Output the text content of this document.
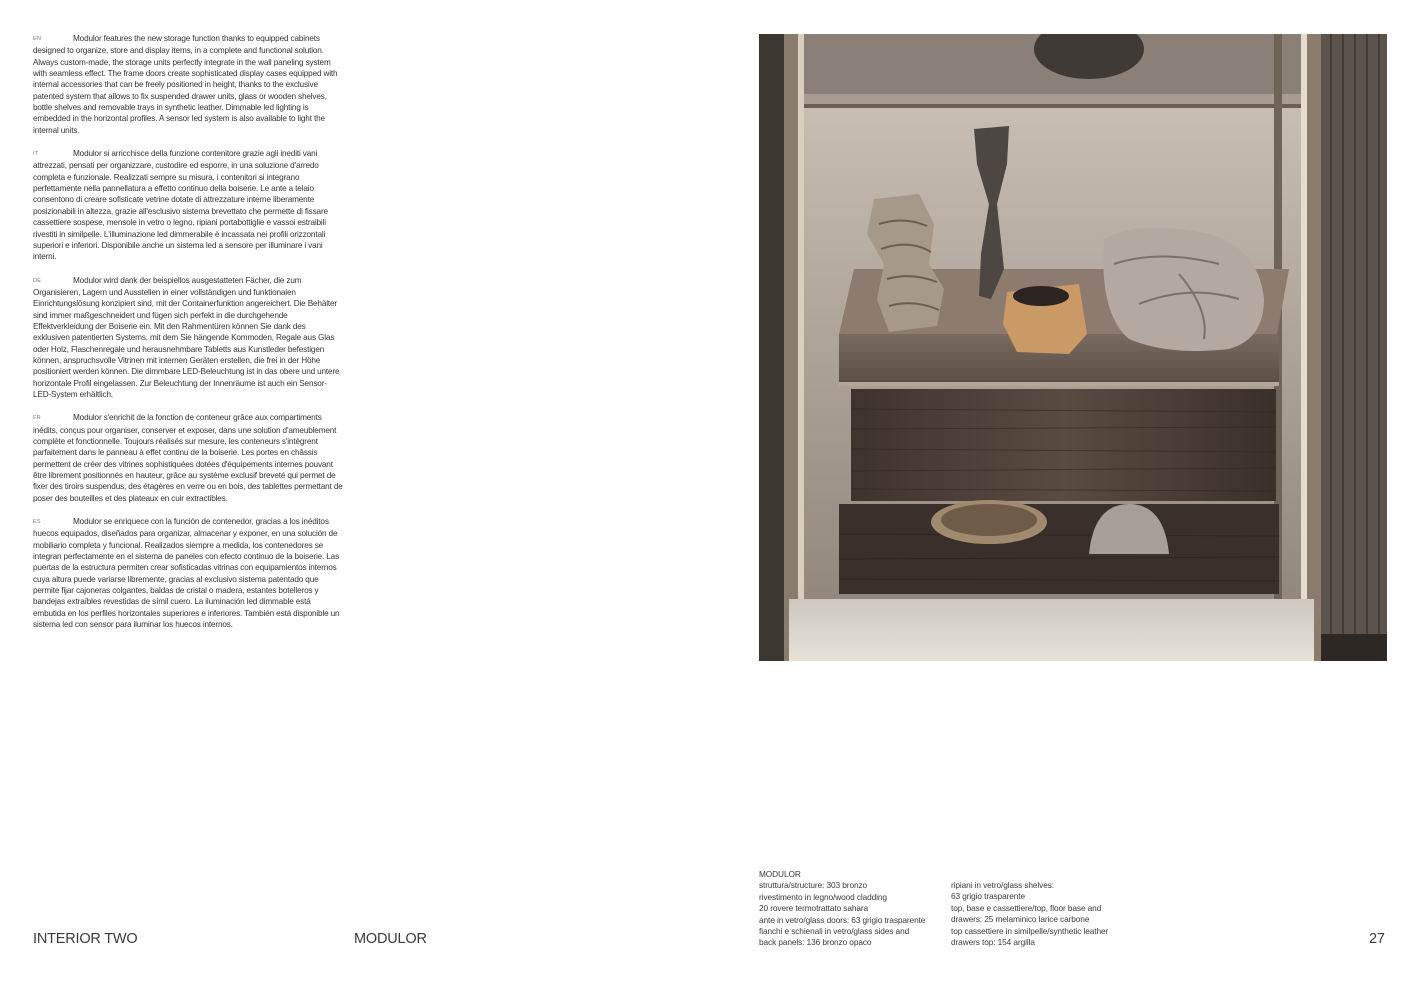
EN	Modulor features the new storage function thanks to equipped cabinets designed to organize, store and display items, in a complete and functional solution. Always custom-made, the storage units perfectly integrate in the wall paneling system with seamless effect. The frame doors create sophisticated display cases equipped with internal accessories that can be freely positioned in height, thanks to the exclusive patented system that allows to fix suspended drawer units, glass or wooden shelves, bottle shelves and removable trays in synthetic leather. Dimmable led lighting is embedded in the horizontal profiles. A sensor led system is also available to light the internal units.

IT	Modulor si arricchisce della funzione contenitore grazie agli inediti vani attrezzati, pensati per organizzare, custodire ed esporre, in una soluzione d'arredo completa e funzionale. Realizzati sempre su misura, i contenitori si integrano perfettamente nella pannellatura a effetto continuo della boiserie. Le ante a telaio consentono di creare sofisticate vetrine dotate di attrezzature interne liberamente posizionabili in altezza, grazie all'esclusivo sistema brevettato che permette di fissare cassettiere sospese, mensole in vetro o legno, ripiani portabottiglie e vassoi estraibili rivestiti in similpelle. L'illuminazione led dimmerabile è incassata nei profili orizzontali superiori e inferiori. Disponibile anche un sistema led a sensore per illuminare i vani interni.

DE	Modulor wird dank der beispiellos ausgestatteten Fächer, die zum Organisieren, Lagern und Ausstellen in einer vollständigen und funktionalen Einrichtungslösung konzipiert sind, mit der Containerfunktion angereichert. Die Behälter sind immer maßgeschneidert und fügen sich perfekt in die durchgehende Effektverkleidung der Boiserie ein. Mit den Rahmentüren können Sie dank des exklusiven patentierten Systems, mit dem Sie hängende Kommoden, Regale aus Glas oder Holz, Flaschenregale und herausnehmbare Tabletts aus Kunstleder befestigen können, anspruchsvolle Vitrinen mit internen Geräten erstellen, die frei in der Höhe positioniert werden können. Die dimmbare LED-Beleuchtung ist in das obere und untere horizontale Profil eingelassen. Zur Beleuchtung der Innenräume ist auch ein Sensor-LED-System erhältlich.

FR	Modulor s'enrichit de la fonction de conteneur grâce aux compartiments inédits, conçus pour organiser, conserver et exposer, dans une solution d'ameublement complète et fonctionnelle. Toujours réalisés sur mesure, les conteneurs s'intègrent parfaitement dans le panneau à effet continu de la boiserie. Les portes en châssis permettent de créer des vitrines sophistiquées dotées d'équipements internes pouvant être librement positionnés en hauteur, grâce au système exclusif breveté qui permet de fixer des tiroirs suspendus, des étagères en verre ou en bois, des tablettes permettant de poser des bouteilles et des plateaux en cuir extractibles.

ES	Modulor se enriquece con la función de contenedor, gracias a los inéditos huecos equipados, diseñados para organizar, almacenar y exponer, en una solución de mobiliario completa y funcional. Realizados siempre a medida, los contenedores se integran perfectamente en el sistema de paneles con efecto continuo de la boiserie. Las puertas de la estructura permiten crear sofisticadas vitrinas con equipamientos internos cuya altura puede variarse libremente, gracias al exclusivo sistema patentado que permite fijar cajoneras colgantes, baldas de cristal o madera, estantes botelleros y bandejas extraíbles revestidas de símil cuero. La iluminación led dimmable está embutida en los perfiles horizontales superiores e inferiores. También está disponible un sistema led con sensor para iluminar los huecos internos.

MODULOR
struttura/structure: 303 bronzo
rivestimento in legno/wood cladding
20 rovere termotrattato sahara
ante in vetro/glass doors: 63 grigio trasparente
fianchi e schienali in vetro/glass sides and
back panels: 136 bronzo opaco
ripiani in vetro/glass shelves:
63 grigio trasparente
top, base e cassettiere/top, floor base and
drawers: 25 melaminico larice carbone
top cassettiere in similpelle/synthetic leather
drawers top: 154 argilla
INTERIOR TWO	MODULOR	27
